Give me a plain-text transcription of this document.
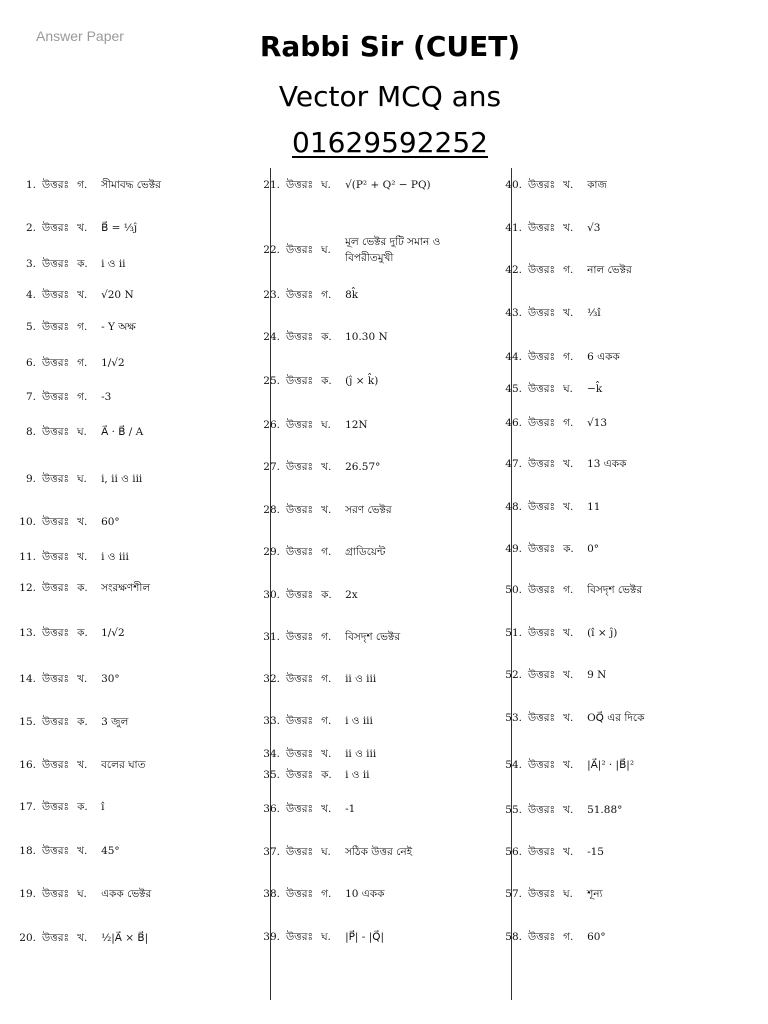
Answer Paper	Rabbi Sir (CUET)
Vector MCQ ans
01629592252
1. উত্তরঃ গ.	সীমাবদ্ধ ভেক্টর
2. উত্তরঃ খ.	B⃗ = ⅓ĵ
3. উত্তরঃ ক.	i ও ii
4. উত্তরঃ খ.	√20 N
5. উত্তরঃ গ.	- Y অক্ষ
6. উত্তরঃ গ.	1/√2
7. উত্তরঃ গ.	-3
8. উত্তরঃ ঘ.	A⃗ · B⃗ / A
9. উত্তরঃ ঘ.	i, ii ও iii
10. উত্তরঃ খ.	60°
11. উত্তরঃ খ.	i ও iii
12. উত্তরঃ ক.	সংরক্ষণশীল
13. উত্তরঃ ক.	1/√2
14. উত্তরঃ খ.	30°
15. উত্তরঃ ক.	3 জুল
16. উত্তরঃ খ.	বলের ঘাত
17. উত্তরঃ ক.	î
18. উত্তরঃ খ.	45°
19. উত্তরঃ ঘ.	একক ভেক্টর
20. উত্তরঃ খ.	½|A⃗ × B⃗|
21. উত্তরঃ ঘ.	√(P² + Q² − PQ)
22. উত্তরঃ ঘ.
মূল ভেক্টর দুটি সমান ও বিপরীতমুখী
23. উত্তরঃ গ.	8k̂
24. উত্তরঃ ক.	10.30 N
25. উত্তরঃ ক.	(ĵ × k̂)
26. উত্তরঃ ঘ.	12N
27. উত্তরঃ খ.	26.57°
28. উত্তরঃ খ.	সরণ ভেক্টর
29. উত্তরঃ গ.	গ্রাডিয়েন্ট
30. উত্তরঃ ক.	2x
31. উত্তরঃ গ.	বিসদৃশ ভেক্টর
32. উত্তরঃ গ.	ii ও iii
33. উত্তরঃ গ.	i ও iii
34. উত্তরঃ খ.	ii ও iii
35. উত্তরঃ ক.	i ও ii
36. উত্তরঃ খ.	-1
37. উত্তরঃ ঘ.	সঠিক উত্তর নেই
38. উত্তরঃ গ.	10 একক
39. উত্তরঃ ঘ.	|P⃗| - |Q⃗|
40. উত্তরঃ খ.	কাজ
41. উত্তরঃ খ.	√3
42. উত্তরঃ গ.	নাল ভেক্টর
43. উত্তরঃ খ.	⅓î
44. উত্তরঃ গ.	6 একক
45. উত্তরঃ ঘ.	−k̂
46. উত্তরঃ গ.	√13
47. উত্তরঃ খ.	13 একক
48. উত্তরঃ খ.	11
49. উত্তরঃ ক.	0°
50. উত্তরঃ গ.	বিসদৃশ ভেক্টর
51. উত্তরঃ খ.	(î × ĵ)
52. উত্তরঃ খ.	9 N
53. উত্তরঃ খ.	OQ⃗ এর দিকে
54. উত্তরঃ খ.	|A⃗|² · |B⃗|²
55. উত্তরঃ খ.	51.88°
56. উত্তরঃ খ.	-15
57. উত্তরঃ ঘ.	শূন্য
58. উত্তরঃ গ.	60°
